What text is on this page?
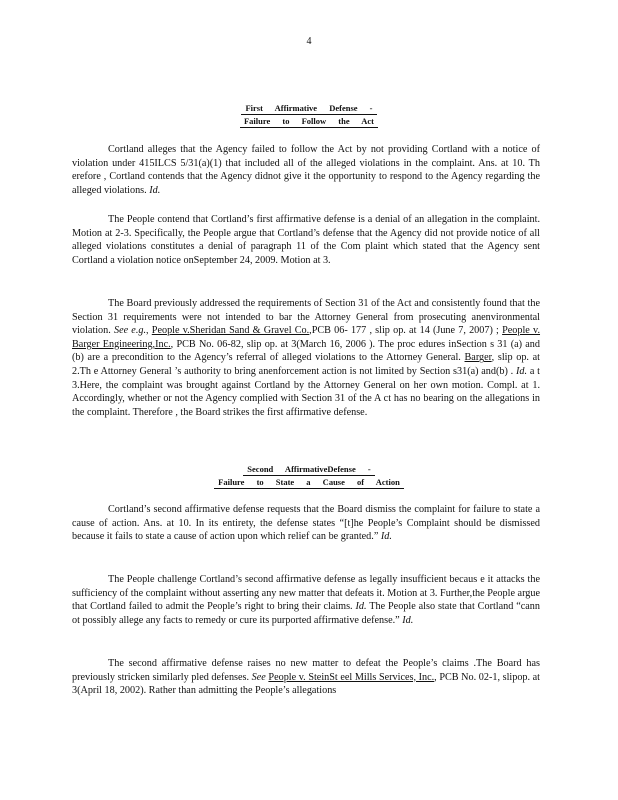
4
First Affirmative Defense -
Failure to Follow the Act
Cortland alleges that the Agency failed to follow the Act by not providing Cortland with a notice of violation under 415ILCS 5/31(a)(1) that included all of the alleged violations in the complaint. Ans. at 10. Th erefore , Cortland contends that the Agency didnot give it the opportunity to respond to the Agency regarding the alleged violations. Id.
The People contend that Cortland’s first affirmative defense is a denial of an allegation in the complaint. Motion at 2-3. Specifically, the People argue that Cortland’s defense that the Agency did not provide notice of all alleged violations constitutes a denial of paragraph 11 of the Com plaint which stated that the Agency sent Cortland a violation notice onSeptember 24, 2009. Motion at 3.
The Board previously addressed the requirements of Section 31 of the Act and consistently found that the Section 31 requirements were not intended to bar the Attorney General from prosecuting anenvironmental violation. See e.g., People v.Sheridan Sand & Gravel Co.,PCB 06- 177 , slip op. at 14 (June 7, 2007) ; People v. Barger Engineering,Inc., PCB No. 06-82, slip op. at 3(March 16, 2006 ). The proc edures inSection s 31 (a) and (b) are a precondition to the Agency’s referral of alleged violations to the Attorney General. Barger, slip op. at 2.Th e Attorney General ’s authority to bring anenforcement action is not limited by Section s31(a) and(b) . Id. a t 3.Here, the complaint was brought against Cortland by the Attorney General on her own motion. Compl. at 1. Accordingly, whether or not the Agency complied with Section 31 of the A ct has no bearing on the allegations in the complaint. Therefore , the Board strikes the first affirmative defense.
Second AffirmativeDefense -
Failure to State a Cause of Action
Cortland’s second affirmative defense requests that the Board dismiss the complaint for failure to state a cause of action. Ans. at 10. In its entirety, the defense states “[t]he People’s Complaint should be dismissed because it fails to state a cause of action upon which relief can be granted.” Id.
The People challenge Cortland’s second affirmative defense as legally insufficient becaus e it attacks the sufficiency of the complaint without asserting any new matter that defeats it. Motion at 3. Further,the People argue that Cortland failed to admit the People’s right to bring their claims. Id. The People also state that Cortland “cann ot possibly allege any facts to remedy or cure its purported affirmative defense.” Id.
The second affirmative defense raises no new matter to defeat the People’s claims .The Board has previously stricken similarly pled defenses. See People v. SteinSt eel Mills Services, Inc., PCB No. 02-1, slipop. at 3(April 18, 2002). Rather than admitting the People’s allegations
